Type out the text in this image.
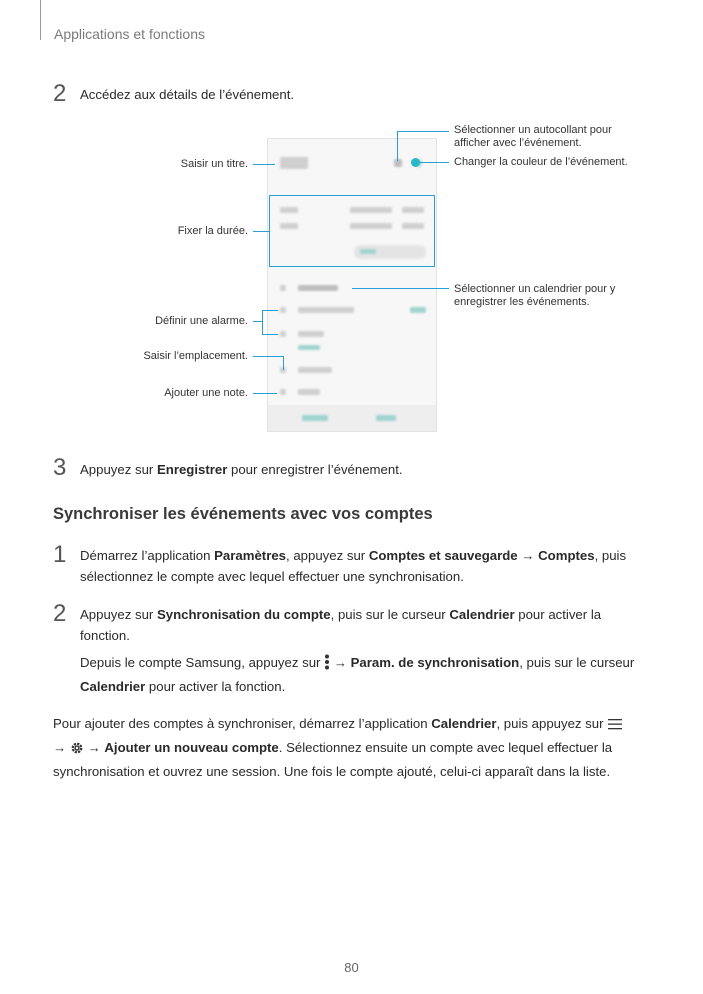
Applications et fonctions
2 Accédez aux détails de l’événement.
Saisir un titre.
Fixer la durée.
Définir une alarme.
Saisir l’emplacement.
Ajouter une note.
Sélectionner un autocollant pour afficher avec l’événement.
Changer la couleur de l’événement.
Sélectionner un calendrier pour y enregistrer les événements.
3 Appuyez sur Enregistrer pour enregistrer l’événement.
Synchroniser les événements avec vos comptes
1 Démarrez l’application Paramètres, appuyez sur Comptes et sauvegarde → Comptes, puis sélectionnez le compte avec lequel effectuer une synchronisation.
2 Appuyez sur Synchronisation du compte, puis sur le curseur Calendrier pour activer la fonction.
Depuis le compte Samsung, appuyez sur  → Param. de synchronisation, puis sur le curseur Calendrier pour activer la fonction.
Pour ajouter des comptes à synchroniser, démarrez l’application Calendrier, puis appuyez sur  →  → Ajouter un nouveau compte. Sélectionnez ensuite un compte avec lequel effectuer la synchronisation et ouvrez une session. Une fois le compte ajouté, celui-ci apparaît dans la liste.
80
